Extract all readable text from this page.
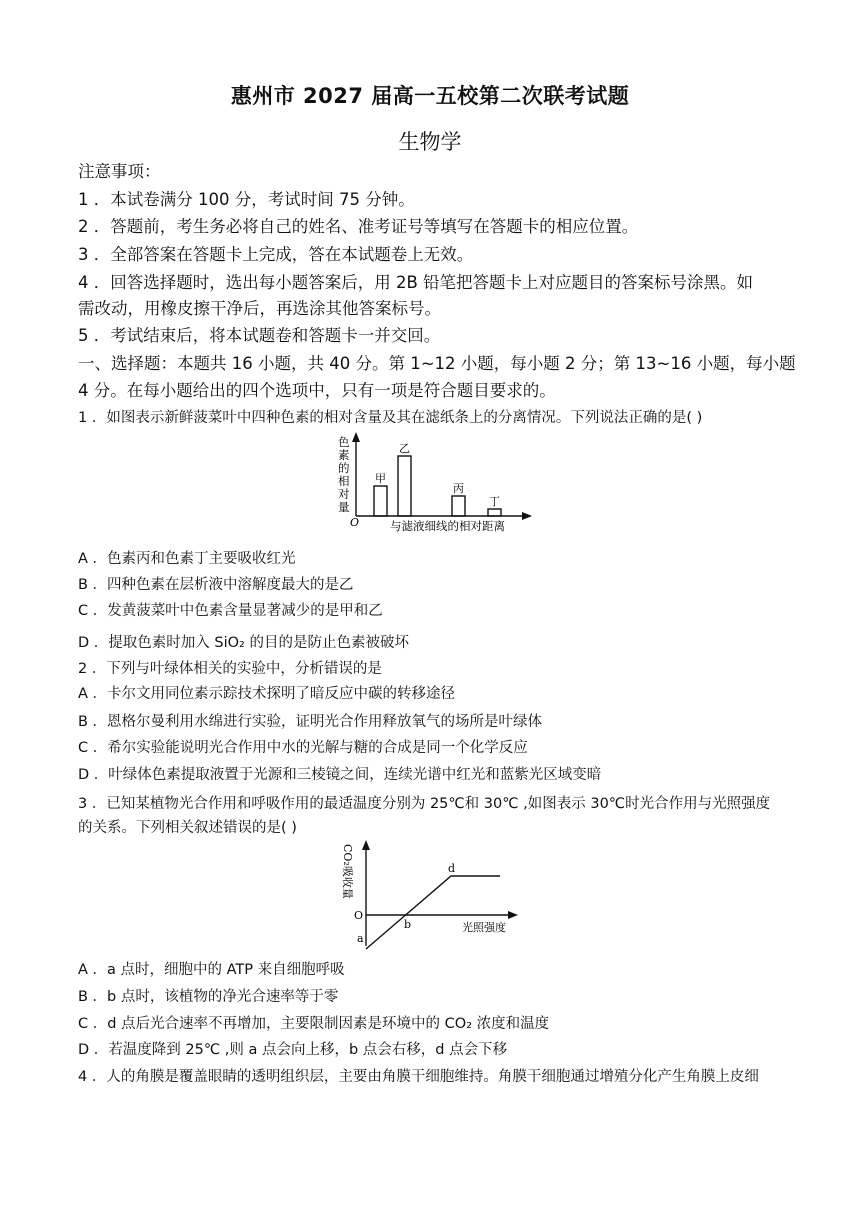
惠州市 2027 届高一五校第二次联考试题
生物学
注意事项：
1 ．本试卷满分 100 分，考试时间 75 分钟。
2 ．答题前，考生务必将自己的姓名、准考证号等填写在答题卡的相应位置。
3 ．全部答案在答题卡上完成，答在本试题卷上无效。
4 ．回答选择题时，选出每小题答案后，用 2B 铅笔把答题卡上对应题目的答案标号涂黑。如
需改动，用橡皮擦干净后，再选涂其他答案标号。
5 ．考试结束后，将本试题卷和答题卡一并交回。
一、选择题：本题共 16 小题，共 40 分。第 1~12 小题，每小题 2 分；第 13~16 小题，每小题
4 分。在每小题给出的四个选项中，只有一项是符合题目要求的。
1 ．如图表示新鲜菠菜叶中四种色素的相对含量及其在滤纸条上的分离情况。下列说法正确的是( )
色
素
的
相
对
量
O	与滤液细线的相对距离
甲
乙
丙
丁
A ．色素丙和色素丁主要吸收红光
B ．四种色素在层析液中溶解度最大的是乙
C ．发黄菠菜叶中色素含量显著减少的是甲和乙
D ．提取色素时加入 SiO₂ 的目的是防止色素被破坏
2 ．下列与叶绿体相关的实验中，分析错误的是
A ．卡尔文用同位素示踪技术探明了暗反应中碳的转移途径
B ．恩格尔曼利用水绵进行实验，证明光合作用释放氧气的场所是叶绿体
C ．希尔实验能说明光合作用中水的光解与糖的合成是同一个化学反应
D ．叶绿体色素提取液置于光源和三棱镜之间，连续光谱中红光和蓝紫光区域变暗
3 ．已知某植物光合作用和呼吸作用的最适温度分别为 25℃和 30℃ ,如图表示 30℃时光合作用与光照强度
的关系。下列相关叙述错误的是( )
CO₂吸收量
O
光照强度
a
b
d
A ．a 点时，细胞中的 ATP 来自细胞呼吸
B ．b 点时，该植物的净光合速率等于零
C ．d 点后光合速率不再增加，主要限制因素是环境中的 CO₂ 浓度和温度
D ．若温度降到 25℃ ,则 a 点会向上移，b 点会右移，d 点会下移
4 ．人的角膜是覆盖眼睛的透明组织层，主要由角膜干细胞维持。角膜干细胞通过增殖分化产生角膜上皮细
